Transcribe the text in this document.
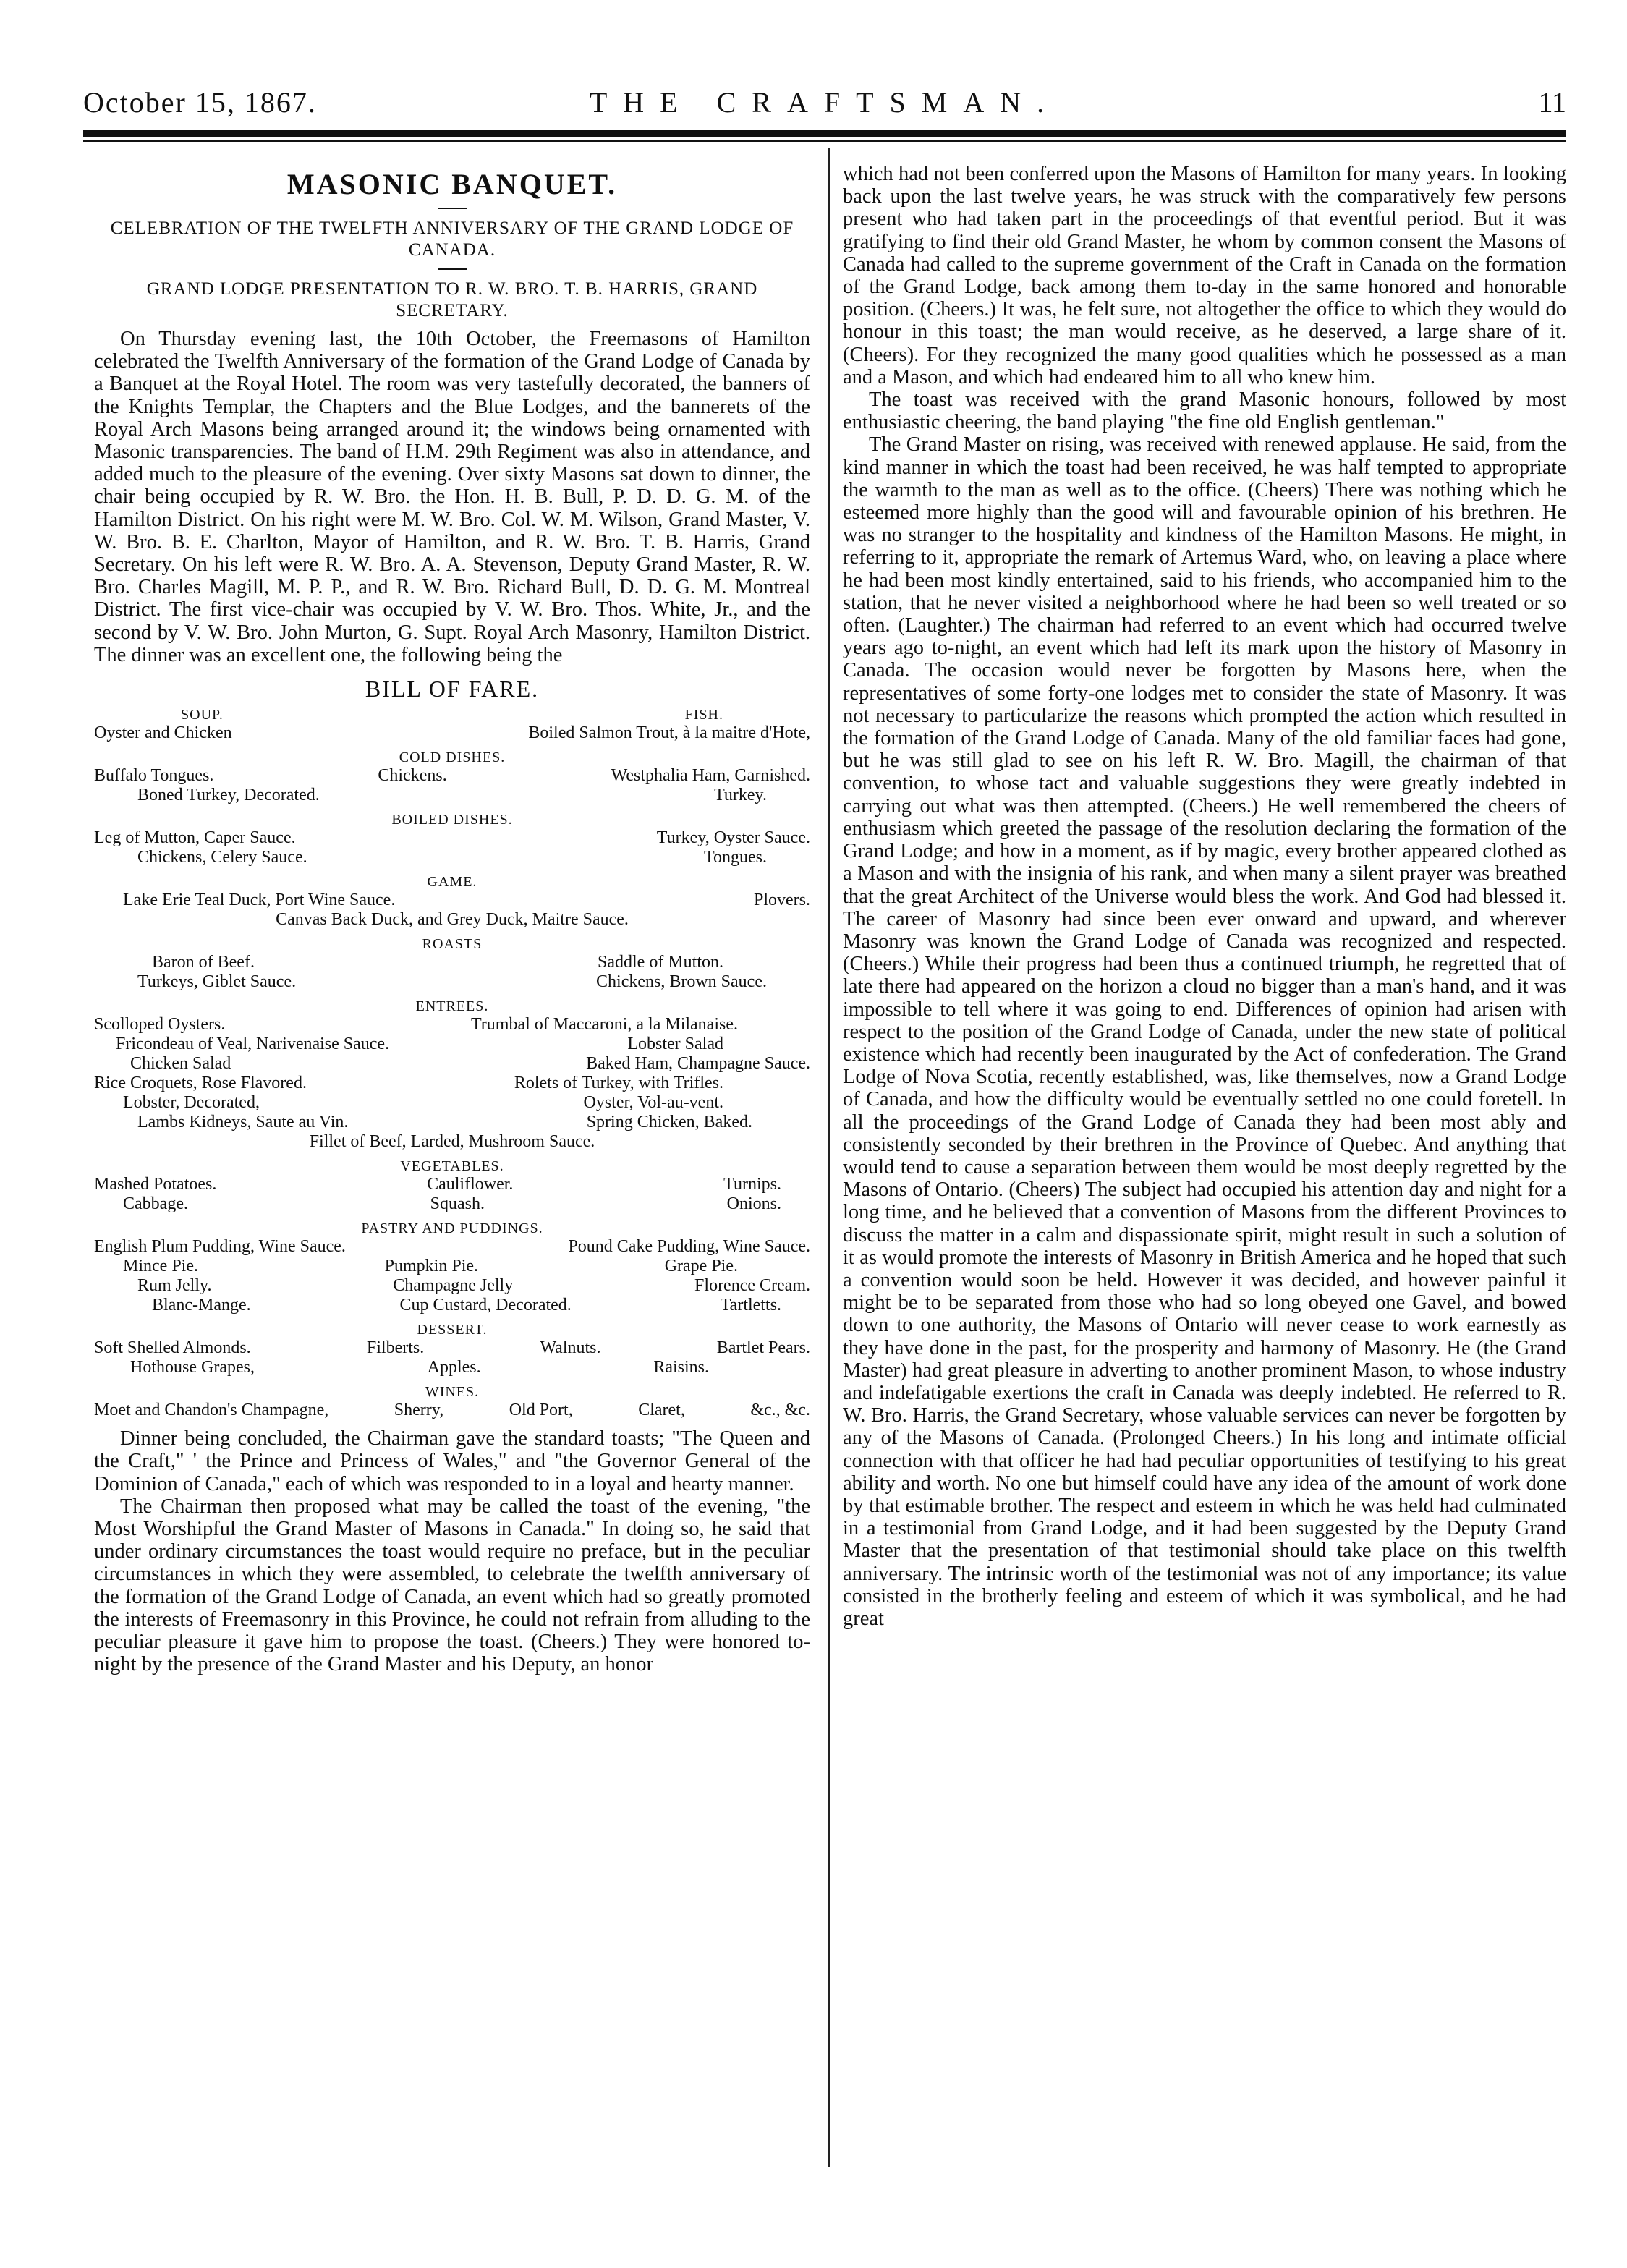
October 15, 1867.	THE CRAFTSMAN.	11
MASONIC BANQUET.
CELEBRATION OF THE TWELFTH ANNIVERSARY OF THE GRAND LODGE OF CANADA.
GRAND LODGE PRESENTATION TO R. W. BRO. T. B. HARRIS, GRAND SECRETARY.

On Thursday evening last, the 10th October, the Freemasons of Hamilton celebrated the Twelfth Anniversary of the formation of the Grand Lodge of Canada by a Banquet at the Royal Hotel. The room was very tastefully decorated, the banners of the Knights Templar, the Chapters and the Blue Lodges, and the bannerets of the Royal Arch Masons being arranged around it; the windows being ornamented with Masonic transparencies. The band of H.M. 29th Regiment was also in attendance, and added much to the pleasure of the evening. Over sixty Masons sat down to dinner, the chair being occupied by R. W. Bro. the Hon. H. B. Bull, P. D. D. G. M. of the Hamilton District. On his right were M. W. Bro. Col. W. M. Wilson, Grand Master, V. W. Bro. B. E. Charlton, Mayor of Hamilton, and R. W. Bro. T. B. Harris, Grand Secretary. On his left were R. W. Bro. A. A. Stevenson, Deputy Grand Master, R. W. Bro. Charles Magill, M. P. P., and R. W. Bro. Richard Bull, D. D. G. M. Montreal District. The first vice-chair was occupied by V. W. Bro. Thos. White, Jr., and the second by V. W. Bro. John Murton, G. Supt. Royal Arch Masonry, Hamilton District. The dinner was an excellent one, the following being the

BILL OF FARE.
SOUP.	FISH.
Oyster and Chicken	Boiled Salmon Trout, à la maitre d'Hote,
COLD DISHES.
Buffalo Tongues.	Chickens.	Westphalia Ham, Garnished.
Boned Turkey, Decorated.	Turkey.
BOILED DISHES.
Leg of Mutton, Caper Sauce.	Turkey, Oyster Sauce.
Chickens, Celery Sauce.	Tongues.
GAME.
Lake Erie Teal Duck, Port Wine Sauce.	Plovers.
Canvas Back Duck, and Grey Duck, Maitre Sauce.
ROASTS
Baron of Beef.	Saddle of Mutton.
Turkeys, Giblet Sauce.	Chickens, Brown Sauce.
ENTREES.
Scolloped Oysters.	Trumbal of Maccaroni, a la Milanaise.
Fricondeau of Veal, Narivenaise Sauce.	Lobster Salad
Chicken Salad	Baked Ham, Champagne Sauce.
Rice Croquets, Rose Flavored.	Rolets of Turkey, with Trifles.
Lobster, Decorated,	Oyster, Vol-au-vent.
Lambs Kidneys, Saute au Vin.	Spring Chicken, Baked.
Fillet of Beef, Larded, Mushroom Sauce.
VEGETABLES.
Mashed Potatoes.	Cauliflower.	Turnips.
Cabbage.	Squash.	Onions.
PASTRY AND PUDDINGS.
English Plum Pudding, Wine Sauce.	Pound Cake Pudding, Wine Sauce.
Mince Pie.	Pumpkin Pie.	Grape Pie.
Rum Jelly.	Champagne Jelly	Florence Cream.
Blanc-Mange.	Cup Custard, Decorated.	Tartletts.
DESSERT.
Soft Shelled Almonds.	Filberts.	Walnuts.	Bartlet Pears.
Hothouse Grapes,	Apples.	Raisins.
WINES.
Moet and Chandon's Champagne,	Sherry,	Old Port,	Claret,	&c., &c.

Dinner being concluded, the Chairman gave the standard toasts; "The Queen and the Craft," ' the Prince and Princess of Wales," and "the Governor General of the Dominion of Canada," each of which was responded to in a loyal and hearty manner.

The Chairman then proposed what may be called the toast of the evening, "the Most Worshipful the Grand Master of Masons in Canada." In doing so, he said that under ordinary circumstances the toast would require no preface, but in the peculiar circumstances in which they were assembled, to celebrate the twelfth anniversary of the formation of the Grand Lodge of Canada, an event which had so greatly promoted the interests of Freemasonry in this Province, he could not refrain from alluding to the peculiar pleasure it gave him to propose the toast. (Cheers.) They were honored to-night by the presence of the Grand Master and his Deputy, an honor

which had not been conferred upon the Masons of Hamilton for many years. In looking back upon the last twelve years, he was struck with the comparatively few persons present who had taken part in the proceedings of that eventful period. But it was gratifying to find their old Grand Master, he whom by common consent the Masons of Canada had called to the supreme government of the Craft in Canada on the formation of the Grand Lodge, back among them to-day in the same honored and honorable position. (Cheers.) It was, he felt sure, not altogether the office to which they would do honour in this toast; the man would receive, as he deserved, a large share of it. (Cheers). For they recognized the many good qualities which he possessed as a man and a Mason, and which had endeared him to all who knew him.

The toast was received with the grand Masonic honours, followed by most enthusiastic cheering, the band playing "the fine old English gentleman."

The Grand Master on rising, was received with renewed applause. He said, from the kind manner in which the toast had been received, he was half tempted to appropriate the warmth to the man as well as to the office. (Cheers) There was nothing which he esteemed more highly than the good will and favourable opinion of his brethren. He was no stranger to the hospitality and kindness of the Hamilton Masons. He might, in referring to it, appropriate the remark of Artemus Ward, who, on leaving a place where he had been most kindly entertained, said to his friends, who accompanied him to the station, that he never visited a neighborhood where he had been so well treated or so often. (Laughter.) The chairman had referred to an event which had occurred twelve years ago to-night, an event which had left its mark upon the history of Masonry in Canada. The occasion would never be forgotten by Masons here, when the representatives of some forty-one lodges met to consider the state of Masonry. It was not necessary to particularize the reasons which prompted the action which resulted in the formation of the Grand Lodge of Canada. Many of the old familiar faces had gone, but he was still glad to see on his left R. W. Bro. Magill, the chairman of that convention, to whose tact and valuable suggestions they were greatly indebted in carrying out what was then attempted. (Cheers.) He well remembered the cheers of enthusiasm which greeted the passage of the resolution declaring the formation of the Grand Lodge; and how in a moment, as if by magic, every brother appeared clothed as a Mason and with the insignia of his rank, and when many a silent prayer was breathed that the great Architect of the Universe would bless the work. And God had blessed it. The career of Masonry had since been ever onward and upward, and wherever Masonry was known the Grand Lodge of Canada was recognized and respected. (Cheers.) While their progress had been thus a continued triumph, he regretted that of late there had appeared on the horizon a cloud no bigger than a man's hand, and it was impossible to tell where it was going to end. Differences of opinion had arisen with respect to the position of the Grand Lodge of Canada, under the new state of political existence which had recently been inaugurated by the Act of confederation. The Grand Lodge of Nova Scotia, recently established, was, like themselves, now a Grand Lodge of Canada, and how the difficulty would be eventually settled no one could foretell. In all the proceedings of the Grand Lodge of Canada they had been most ably and consistently seconded by their brethren in the Province of Quebec. And anything that would tend to cause a separation between them would be most deeply regretted by the Masons of Ontario. (Cheers) The subject had occupied his attention day and night for a long time, and he believed that a convention of Masons from the different Provinces to discuss the matter in a calm and dispassionate spirit, might result in such a solution of it as would promote the interests of Masonry in British America and he hoped that such a convention would soon be held. However it was decided, and however painful it might be to be separated from those who had so long obeyed one Gavel, and bowed down to one authority, the Masons of Ontario will never cease to work earnestly as they have done in the past, for the prosperity and harmony of Masonry. He (the Grand Master) had great pleasure in adverting to another prominent Mason, to whose industry and indefatigable exertions the craft in Canada was deeply indebted. He referred to R. W. Bro. Harris, the Grand Secretary, whose valuable services can never be forgotten by any of the Masons of Canada. (Prolonged Cheers.) In his long and intimate official connection with that officer he had had peculiar opportunities of testifying to his great ability and worth. No one but himself could have any idea of the amount of work done by that estimable brother. The respect and esteem in which he was held had culminated in a testimonial from Grand Lodge, and it had been suggested by the Deputy Grand Master that the presentation of that testimonial should take place on this twelfth anniversary. The intrinsic worth of the testimonial was not of any importance; its value consisted in the brotherly feeling and esteem of which it was symbolical, and he had great
